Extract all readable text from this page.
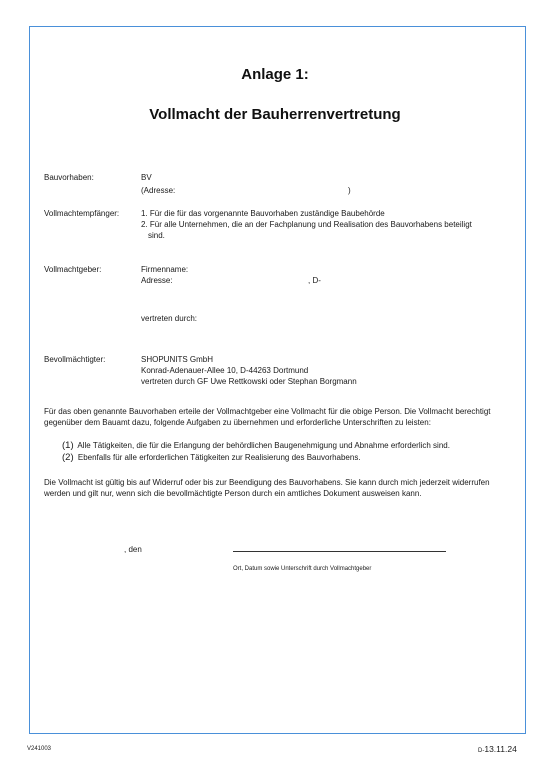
Anlage 1:
Vollmacht der Bauherrenvertretung
Bauvorhaben:	BV
(Adresse:	)
Vollmachtempfänger:	1. Für die für das vorgenannte Bauvorhaben zuständige Baubehörde
2. Für alle Unternehmen, die an der Fachplanung und Realisation des Bauvorhabens beteiligt
sind.
Vollmachtgeber:	Firmenname:
Adresse:	, D-
vertreten durch:
Bevollmächtigter:	SHOPUNITS GmbH
Konrad-Adenauer-Allee 10, D-44263 Dortmund
vertreten durch GF Uwe Rettkowski oder Stephan Borgmann
Für das oben genannte Bauvorhaben erteile der Vollmachtgeber eine Vollmacht für die obige Person. Die Vollmacht berechtigt gegenüber dem Bauamt dazu, folgende Aufgaben zu übernehmen und erforderliche Unterschriften zu leisten:
(1) Alle Tätigkeiten, die für die Erlangung der behördlichen Baugenehmigung und Abnahme erforderlich sind.
(2) Ebenfalls für alle erforderlichen Tätigkeiten zur Realisierung des Bauvorhabens.
Die Vollmacht ist gültig bis auf Widerruf oder bis zur Beendigung des Bauvorhabens. Sie kann durch mich jederzeit widerrufen werden und gilt nur, wenn sich die bevollmächtigte Person durch ein amtliches Dokument ausweisen kann.
, den
Ort, Datum sowie Unterschrift durch Vollmachtgeber
V241003	D-13.11.24
